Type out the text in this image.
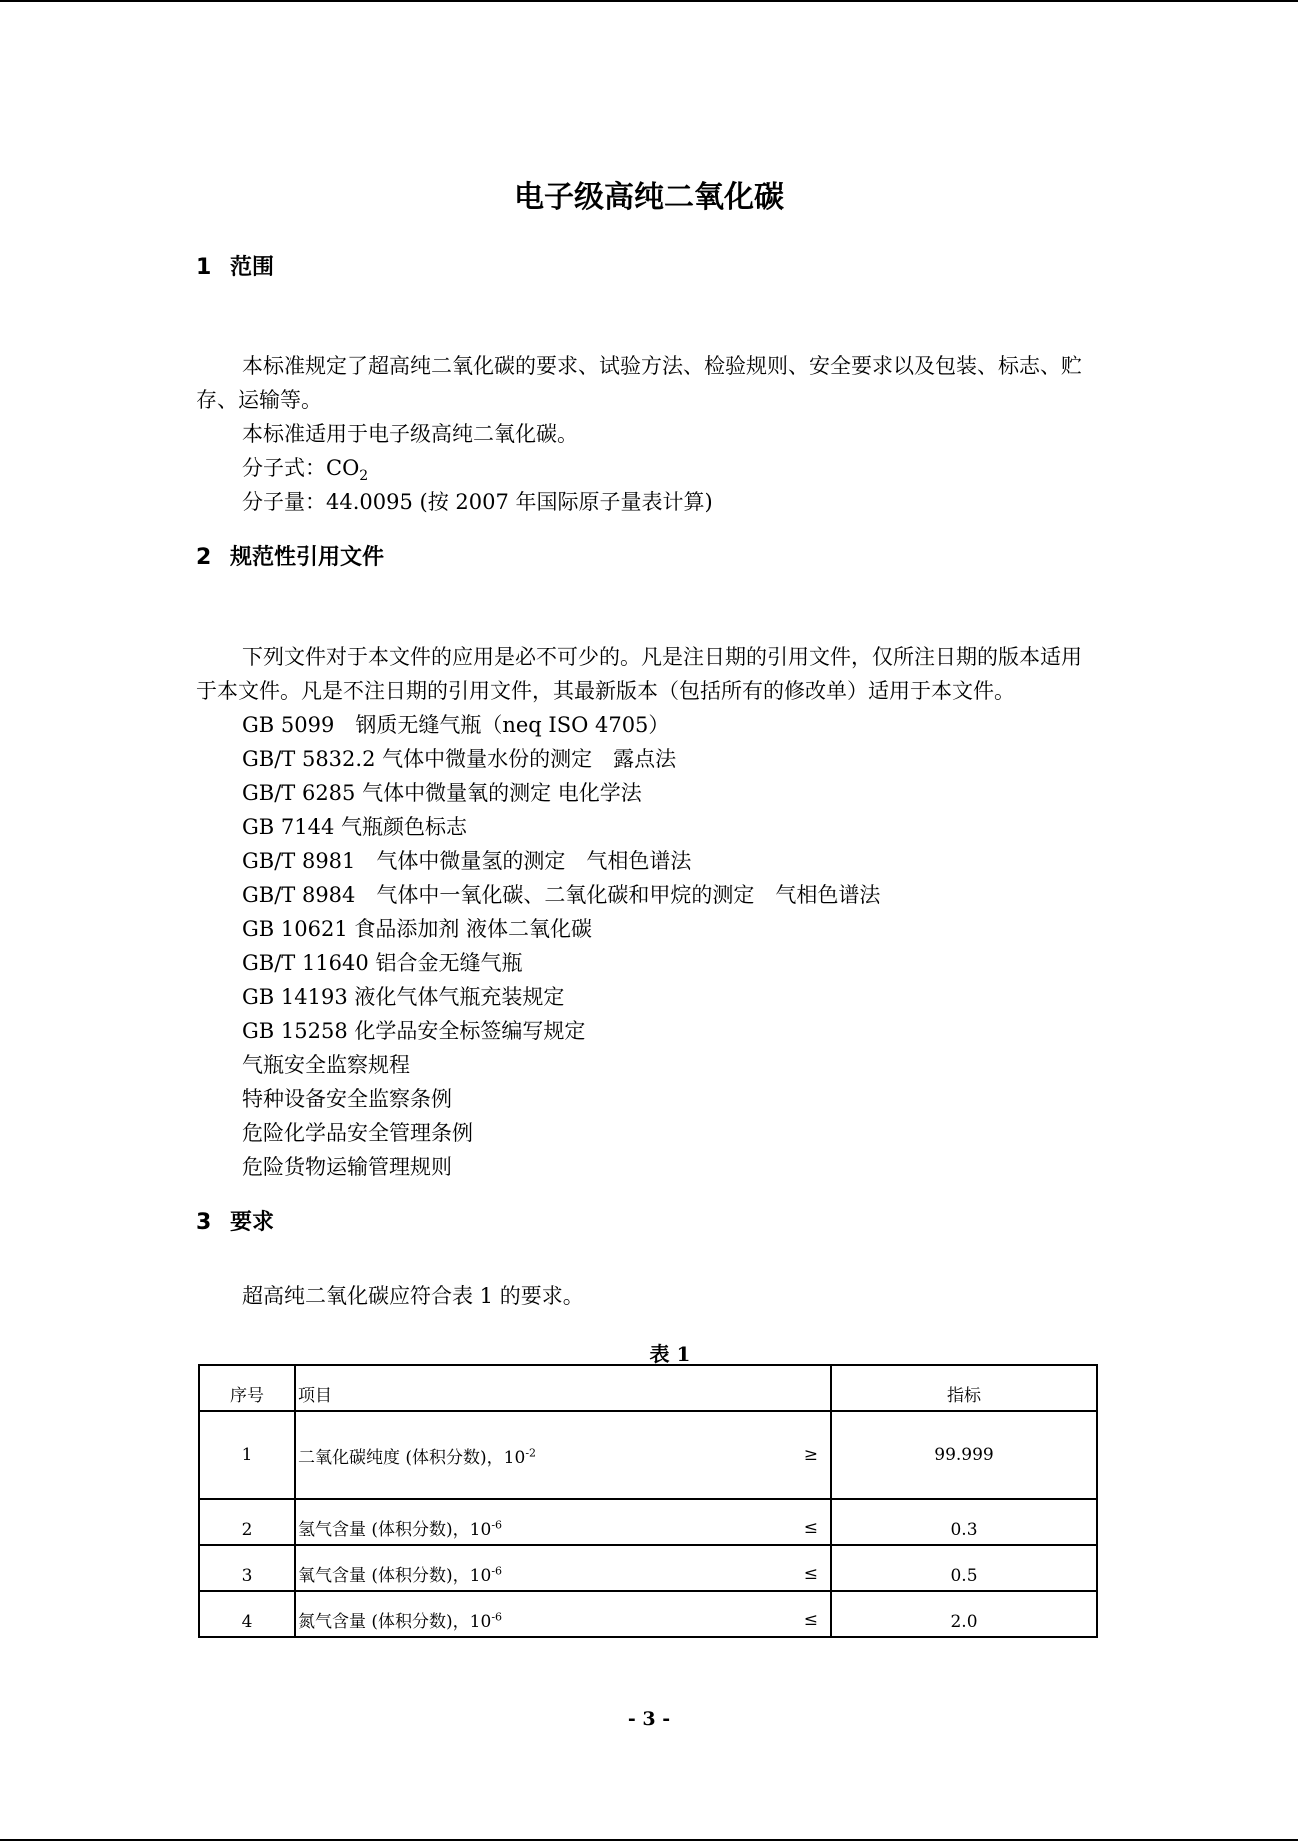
电子级高纯二氧化碳
1 范围
本标准规定了超高纯二氧化碳的要求、试验方法、检验规则、安全要求以及包装、标志、贮存、运输等。
本标准适用于电子级高纯二氧化碳。
分子式：$CO_2$
分子量：44.0095 (按 2007 年国际原子量表计算)
2 规范性引用文件
下列文件对于本文件的应用是必不可少的。凡是注日期的引用文件，仅所注日期的版本适用于本文件。凡是不注日期的引用文件，其最新版本（包括所有的修改单）适用于本文件。
GB 5099　钢质无缝气瓶（neq ISO 4705）
GB/T 5832.2 气体中微量水份的测定　露点法
GB/T 6285 气体中微量氧的测定 电化学法
GB 7144 气瓶颜色标志
GB/T 8981　气体中微量氢的测定　气相色谱法
GB/T 8984　气体中一氧化碳、二氧化碳和甲烷的测定　气相色谱法
GB 10621 食品添加剂 液体二氧化碳
GB/T 11640 铝合金无缝气瓶
GB 14193 液化气体气瓶充装规定
GB 15258 化学品安全标签编写规定
气瓶安全监察规程
特种设备安全监察条例
危险化学品安全管理条例
危险货物运输管理规则
3 要求
超高纯二氧化碳应符合表 1 的要求。
表 1
序号	项目	指标
1	二氧化碳纯度 (体积分数)，$10^{-2}$ ≥	99.999
2	氢气含量 (体积分数)，$10^{-6}$ ≤	0.3
3	氧气含量 (体积分数)，$10^{-6}$ ≤	0.5
4	氮气含量 (体积分数)，$10^{-6}$ ≤	2.0
- 3 -
